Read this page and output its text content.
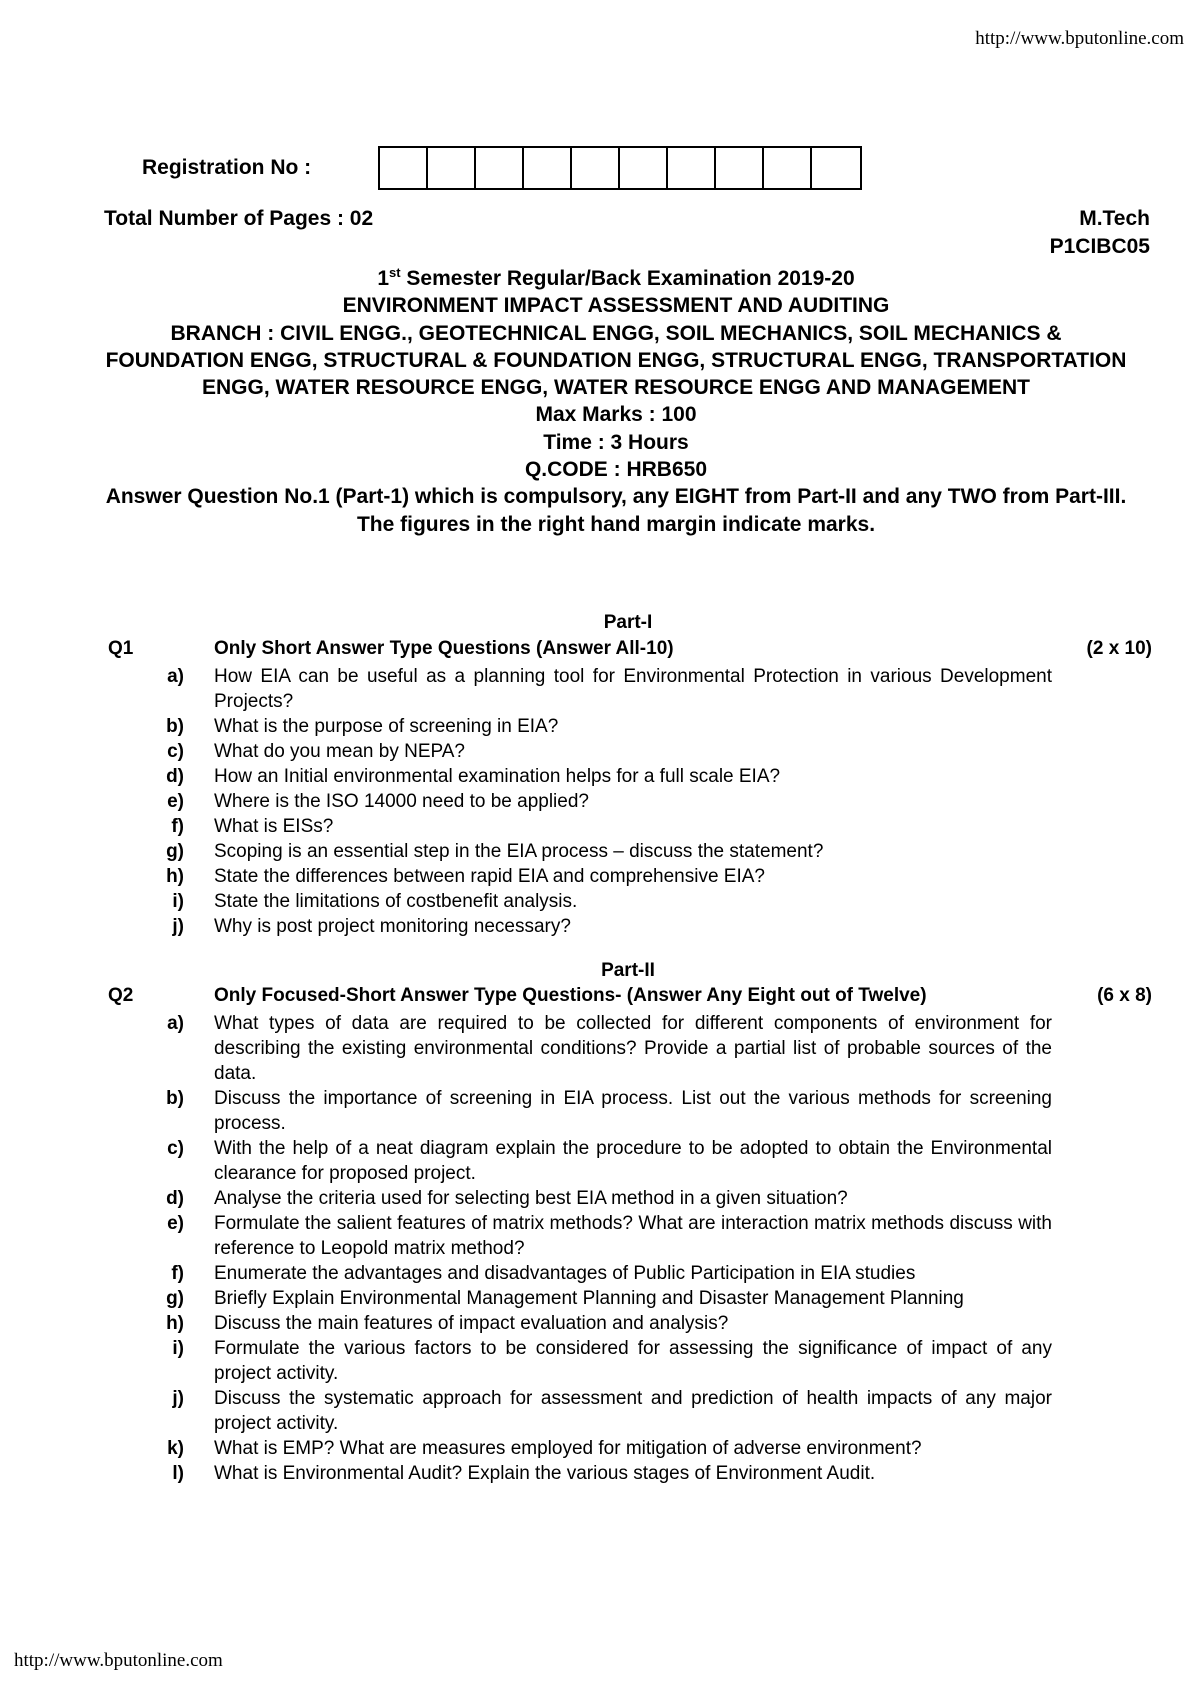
http://www.bputonline.com
Registration No :
Total Number of Pages : 02	M.Tech
P1CIBC05
1st Semester Regular/Back Examination 2019-20
ENVIRONMENT IMPACT ASSESSMENT AND AUDITING
BRANCH : CIVIL ENGG., GEOTECHNICAL ENGG, SOIL MECHANICS, SOIL MECHANICS & FOUNDATION ENGG, STRUCTURAL & FOUNDATION ENGG, STRUCTURAL ENGG, TRANSPORTATION ENGG, WATER RESOURCE ENGG, WATER RESOURCE ENGG AND MANAGEMENT
Max Marks : 100
Time : 3 Hours
Q.CODE : HRB650
Answer Question No.1 (Part-1) which is compulsory, any EIGHT from Part-II and any TWO from Part-III.
The figures in the right hand margin indicate marks.
Part-I
Q1	Only Short Answer Type Questions (Answer All-10)	(2 x 10)
a) How EIA can be useful as a planning tool for Environmental Protection in various Development Projects?
b) What is the purpose of screening in EIA?
c) What do you mean by NEPA?
d) How an Initial environmental examination helps for a full scale EIA?
e) Where is the ISO 14000 need to be applied?
f) What is EISs?
g) Scoping is an essential step in the EIA process – discuss the statement?
h) State the differences between rapid EIA and comprehensive EIA?
i) State the limitations of costbenefit analysis.
j) Why is post project monitoring necessary?
Part-II
Q2	Only Focused-Short Answer Type Questions- (Answer Any Eight out of Twelve)	(6 x 8)
a) What types of data are required to be collected for different components of environment for describing the existing environmental conditions? Provide a partial list of probable sources of the data.
b) Discuss the importance of screening in EIA process. List out the various methods for screening process.
c) With the help of a neat diagram explain the procedure to be adopted to obtain the Environmental clearance for proposed project.
d) Analyse the criteria used for selecting best EIA method in a given situation?
e) Formulate the salient features of matrix methods? What are interaction matrix methods discuss with reference to Leopold matrix method?
f) Enumerate the advantages and disadvantages of Public Participation in EIA studies
g) Briefly Explain Environmental Management Planning and Disaster Management Planning
h) Discuss the main features of impact evaluation and analysis?
i) Formulate the various factors to be considered for assessing the significance of impact of any project activity.
j) Discuss the systematic approach for assessment and prediction of health impacts of any major project activity.
k) What is EMP? What are measures employed for mitigation of adverse environment?
l) What is Environmental Audit? Explain the various stages of Environment Audit.
http://www.bputonline.com
